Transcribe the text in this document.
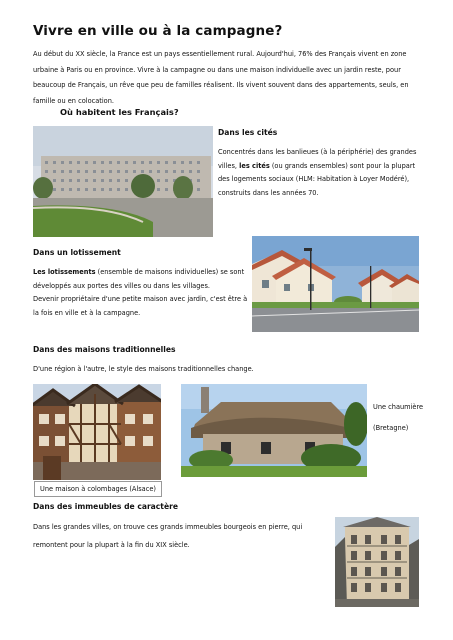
Vivre en ville ou à la campagne?
Au début du XX siècle, la France est un pays essentiellement rural. Aujourd'hui, 76% des Français vivent en zone urbaine à Paris ou en province. Vivre à la campagne ou dans une maison individuelle avec un jardin reste, pour beaucoup de Français, un rêve que peu de familles réalisent. Ils vivent souvent dans des appartements, seuls, en famille ou en colocation.
Où habitent les Français?
Dans les cités
Concentrés dans les banlieues (à la périphérie) des grandes villes, les cités (ou grands ensembles) sont pour la plupart des logements sociaux (HLM: Habitation à Loyer Modéré), construits dans les années 70.
Dans un lotissement
Les lotissements (ensemble de maisons individuelles) se sont développés aux portes des villes ou dans les villages.
Devenir propriétaire d'une petite maison avec jardin, c'est être à la fois en ville et à la campagne.
Dans des maisons traditionnelles
D'une région à l'autre, le style des maisons traditionnelles change.
Une maison à colombages (Alsace)
Une chaumière
(Bretagne)
Dans des immeubles de caractère
Dans les grandes villes, on trouve ces grands immeubles bourgeois en pierre, qui
remontent pour la plupart à la fin du XIX siècle.
